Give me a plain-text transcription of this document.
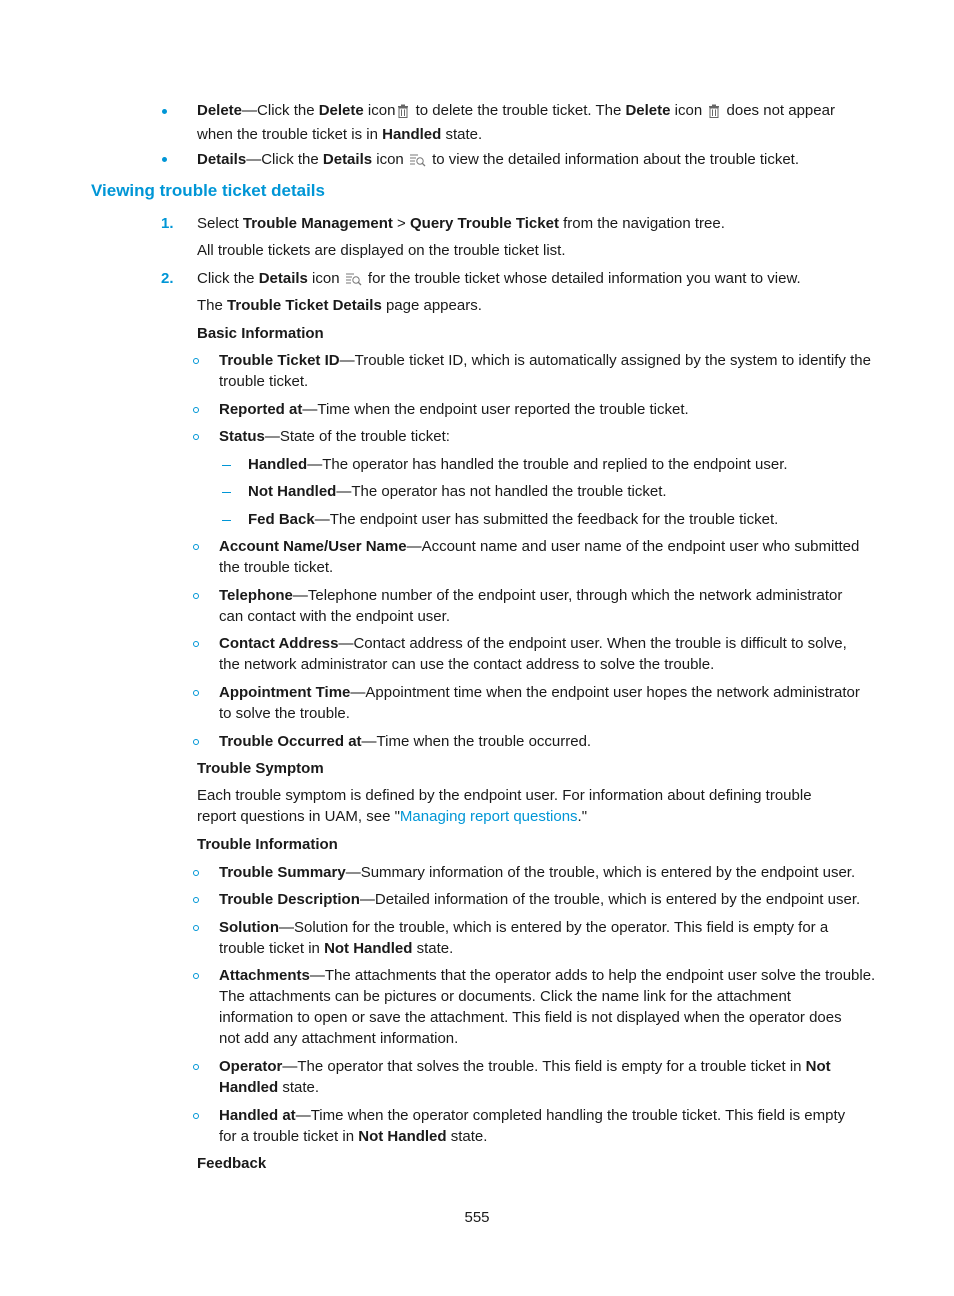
Delete—Click the Delete icon to delete the trouble ticket. The Delete icon  does not appear
when the trouble ticket is in Handled state.
Details—Click the Details icon  to view the detailed information about the trouble ticket.
Viewing trouble ticket details
1. Select Trouble Management > Query Trouble Ticket from the navigation tree.
All trouble tickets are displayed on the trouble ticket list.
2. Click the Details icon  for the trouble ticket whose detailed information you want to view.
The Trouble Ticket Details page appears.
Basic Information
Trouble Ticket ID—Trouble ticket ID, which is automatically assigned by the system to identify the
trouble ticket.
Reported at—Time when the endpoint user reported the trouble ticket.
Status—State of the trouble ticket:
Handled—The operator has handled the trouble and replied to the endpoint user.
Not Handled—The operator has not handled the trouble ticket.
Fed Back—The endpoint user has submitted the feedback for the trouble ticket.
Account Name/User Name—Account name and user name of the endpoint user who submitted
the trouble ticket.
Telephone—Telephone number of the endpoint user, through which the network administrator
can contact with the endpoint user.
Contact Address—Contact address of the endpoint user. When the trouble is difficult to solve,
the network administrator can use the contact address to solve the trouble.
Appointment Time—Appointment time when the endpoint user hopes the network administrator
to solve the trouble.
Trouble Occurred at—Time when the trouble occurred.
Trouble Symptom
Each trouble symptom is defined by the endpoint user. For information about defining trouble
report questions in UAM, see "Managing report questions."
Trouble Information
Trouble Summary—Summary information of the trouble, which is entered by the endpoint user.
Trouble Description—Detailed information of the trouble, which is entered by the endpoint user.
Solution—Solution for the trouble, which is entered by the operator. This field is empty for a
trouble ticket in Not Handled state.
Attachments—The attachments that the operator adds to help the endpoint user solve the trouble.
The attachments can be pictures or documents. Click the name link for the attachment
information to open or save the attachment. This field is not displayed when the operator does
not add any attachment information.
Operator—The operator that solves the trouble. This field is empty for a trouble ticket in Not
Handled state.
Handled at—Time when the operator completed handling the trouble ticket. This field is empty
for a trouble ticket in Not Handled state.
Feedback
555
